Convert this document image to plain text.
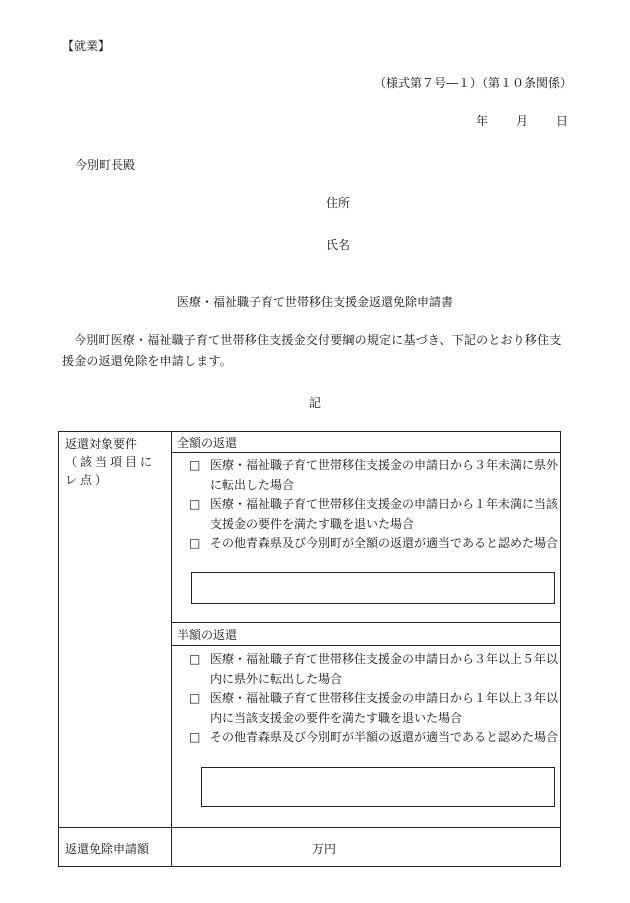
【就業】
（様式第７号―１）（第１０条関係）
年 月 日
今別町長殿
住所
氏名
医療・福祉職子育て世帯移住支援金返還免除申請書
今別町医療・福祉職子育て世帯移住支援金交付要綱の規定に基づき、下記のとおり移住支援金の返還免除を申請します。
記
返還対象要件
（該当項目にレ点）
全額の返還
□ 医療・福祉職子育て世帯移住支援金の申請日から３年未満に県外に転出した場合
□ 医療・福祉職子育て世帯移住支援金の申請日から１年未満に当該支援金の要件を満たす職を退いた場合
□ その他青森県及び今別町が全額の返還が適当であると認めた場合
半額の返還
□ 医療・福祉職子育て世帯移住支援金の申請日から３年以上５年以内に県外に転出した場合
□ 医療・福祉職子育て世帯移住支援金の申請日から１年以上３年以内に当該支援金の要件を満たす職を退いた場合
□ その他青森県及び今別町が半額の返還が適当であると認めた場合
返還免除申請額	万円
